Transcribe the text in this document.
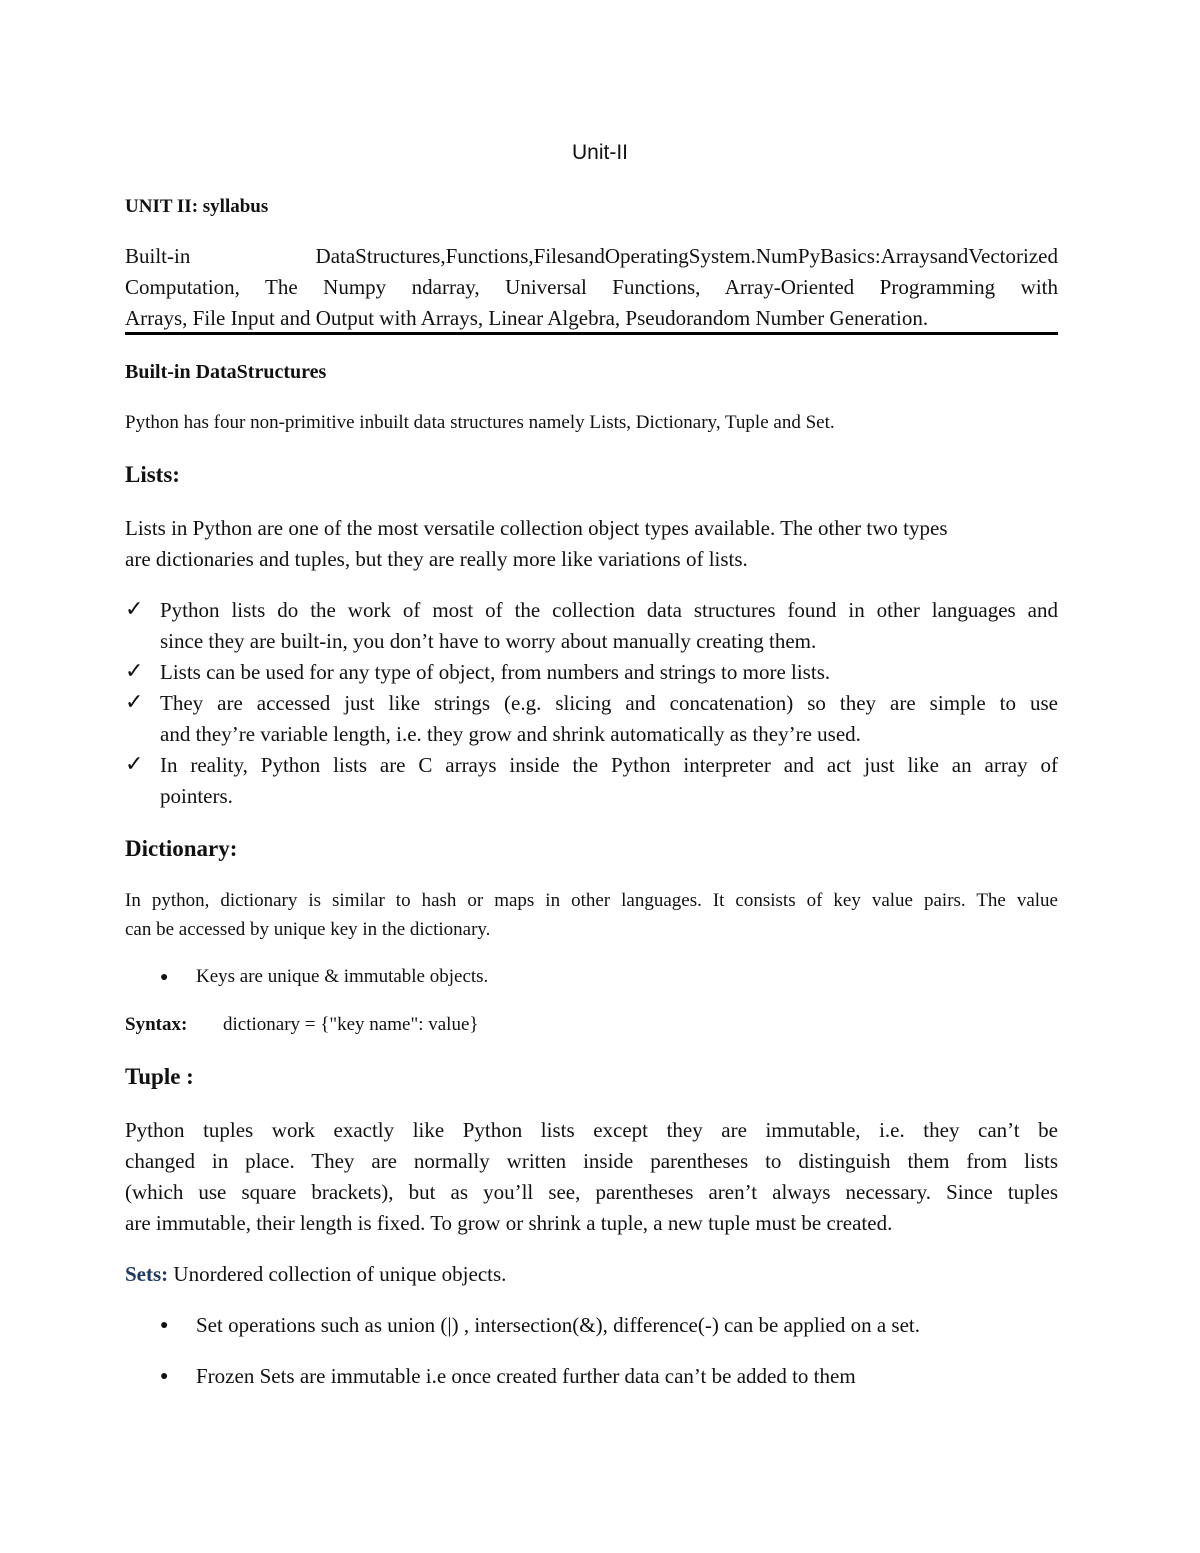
Unit-II
UNIT II: syllabus
Built-in DataStructures,Functions,FilesandOperatingSystem.NumPyBasics:ArraysandVectorized
Computation, The Numpy ndarray, Universal Functions, Array-Oriented Programming with
Arrays, File Input and Output with Arrays, Linear Algebra, Pseudorandom Number Generation.
Built-in DataStructures
Python has four non-primitive inbuilt data structures namely Lists, Dictionary, Tuple and Set.
Lists:
Lists in Python are one of the most versatile collection object types available. The other two types
are dictionaries and tuples, but they are really more like variations of lists.
✓ Python lists do the work of most of the collection data structures found in other languages and
since they are built-in, you don’t have to worry about manually creating them.
✓ Lists can be used for any type of object, from numbers and strings to more lists.
✓ They are accessed just like strings (e.g. slicing and concatenation) so they are simple to use
and they’re variable length, i.e. they grow and shrink automatically as they’re used.
✓ In reality, Python lists are C arrays inside the Python interpreter and act just like an array of
pointers.
Dictionary:
In python, dictionary is similar to hash or maps in other languages. It consists of key value pairs. The value
can be accessed by unique key in the dictionary.
● Keys are unique & immutable objects.
Syntax: dictionary = {"key name": value}
Tuple :
Python tuples work exactly like Python lists except they are immutable, i.e. they can’t be
changed in place. They are normally written inside parentheses to distinguish them from lists
(which use square brackets), but as you’ll see, parentheses aren’t always necessary. Since tuples
are immutable, their length is fixed. To grow or shrink a tuple, a new tuple must be created.
Sets: Unordered collection of unique objects.
● Set operations such as union (|) , intersection(&), difference(-) can be applied on a set.
● Frozen Sets are immutable i.e once created further data can’t be added to them
